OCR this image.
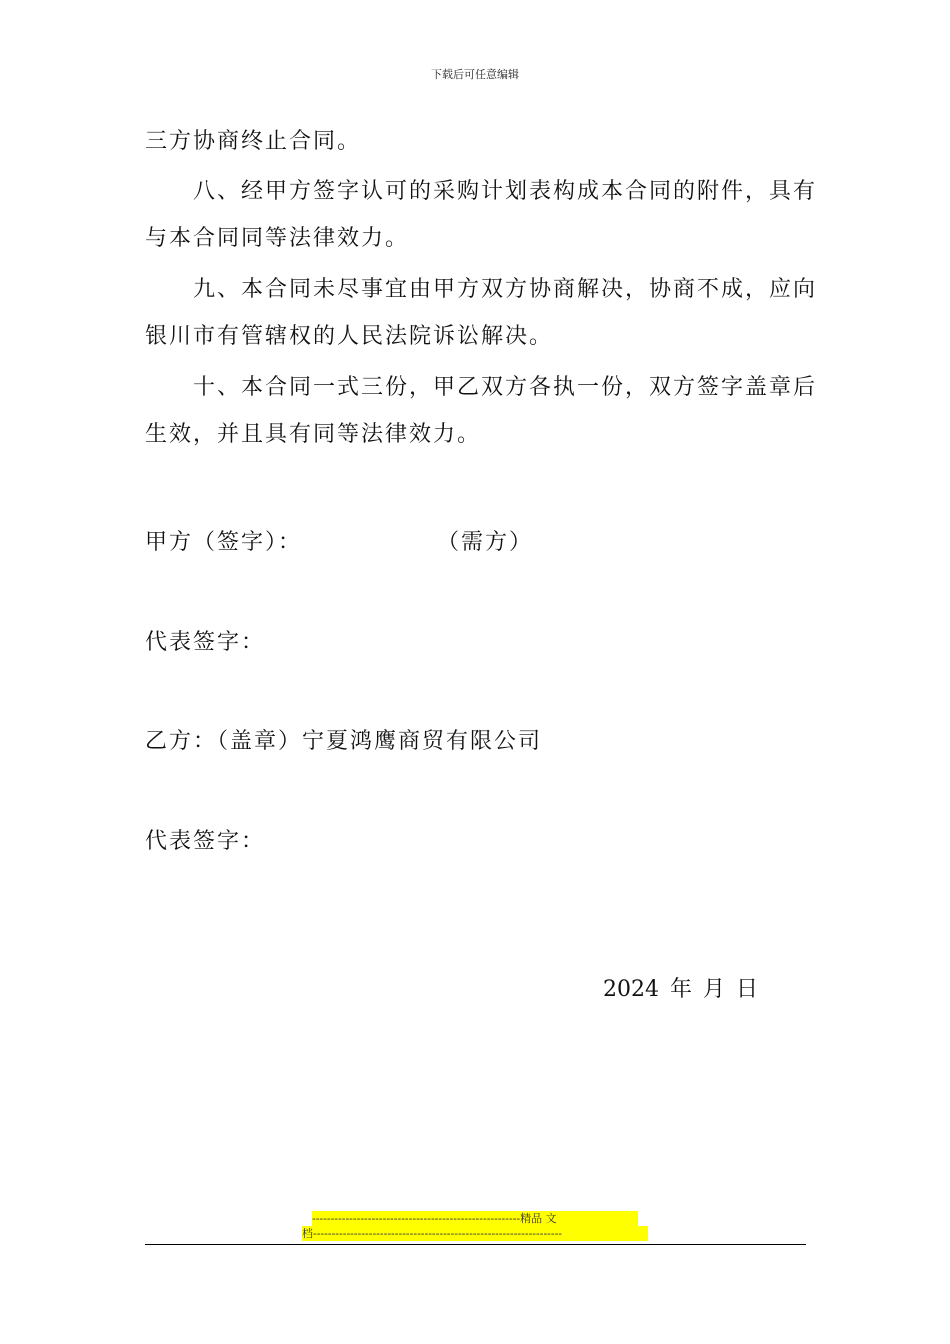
下载后可任意编辑

三方协商终止合同。

八、经甲方签字认可的采购计划表构成本合同的附件，具有与本合同同等法律效力。

九、本合同未尽事宜由甲方双方协商解决，协商不成，应向银川市有管辖权的人民法院诉讼解决。

十、本合同一式三份，甲乙双方各执一份，双方签字盖章后生效，并且具有同等法律效力。

甲方（签字）：	（需方）
代表签字：
乙方：（盖章）宁夏鸿鹰商贸有限公司
代表签字：
2024 年 月 日
--------------------------------------------------------精品 文
档-------------------------------------------------------------------
